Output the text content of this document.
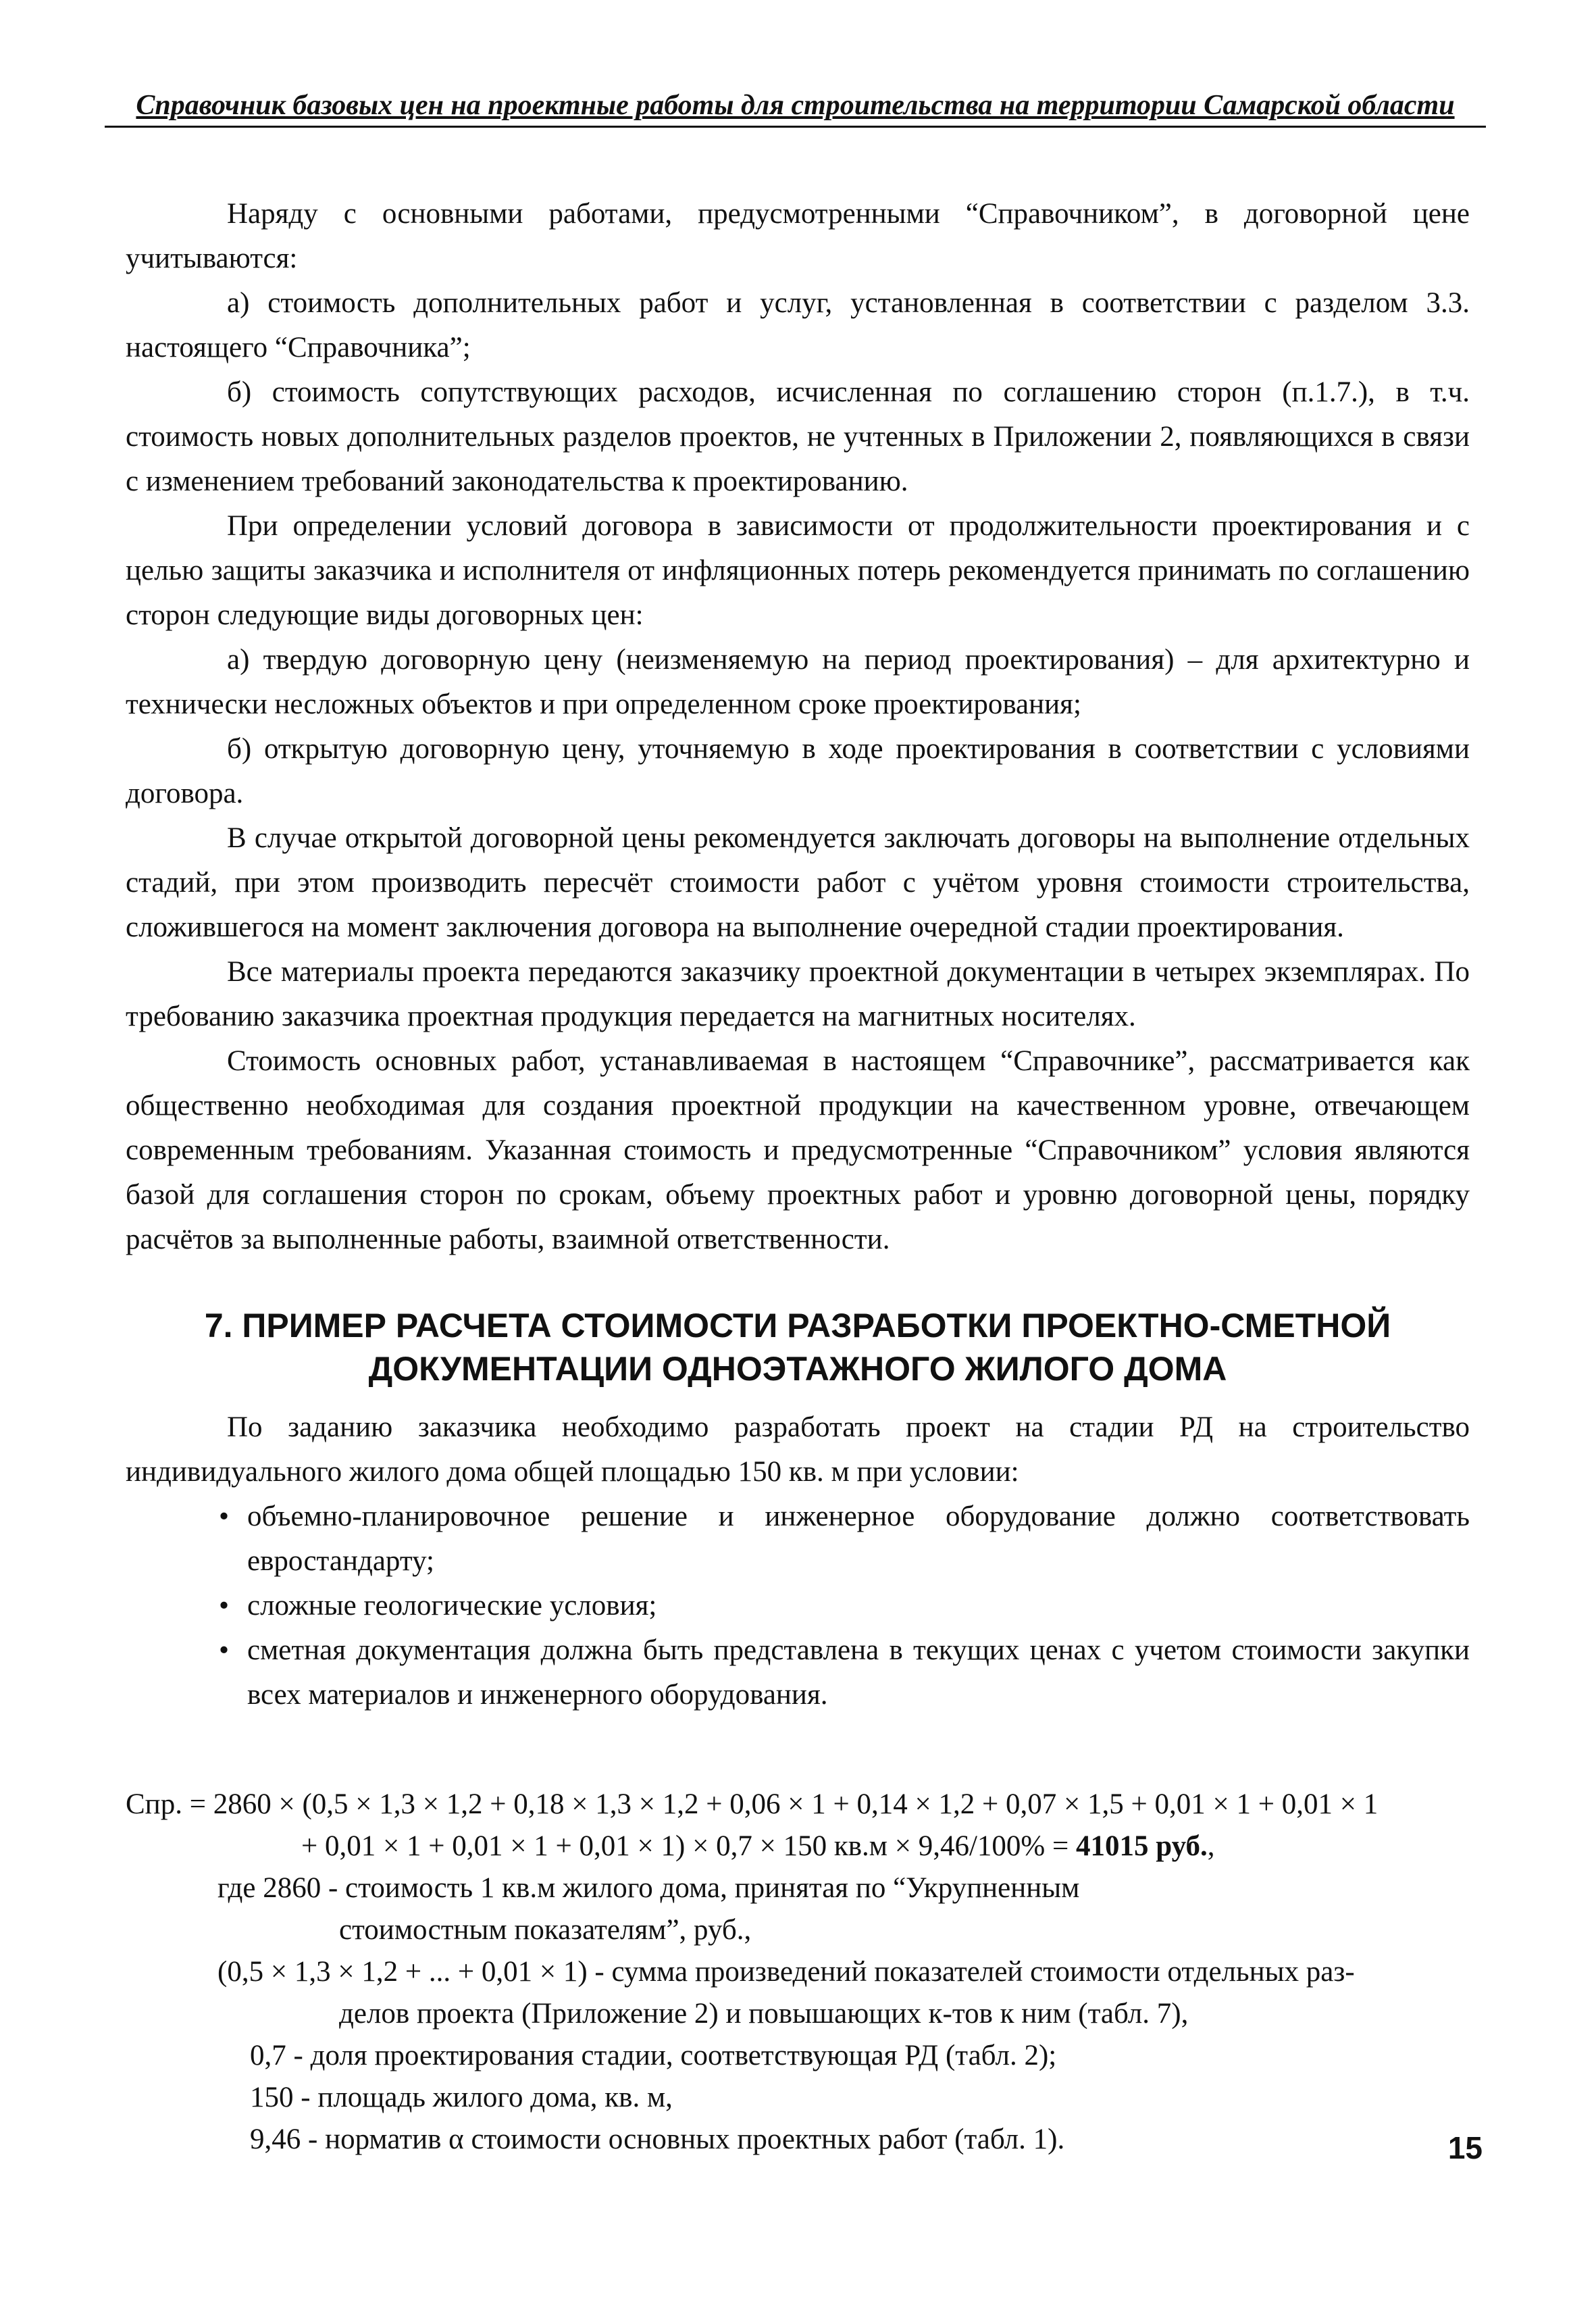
Справочник базовых цен на проектные работы для строительства на территории Самарской области

Наряду с основными работами, предусмотренными “Справочником”, в договорной цене учитываются:

а) стоимость дополнительных работ и услуг, установленная в соответствии с разделом 3.3. настоящего “Справочника”;

б) стоимость сопутствующих расходов, исчисленная по соглашению сторон (п.1.7.), в т.ч. стоимость новых дополнительных разделов проектов, не учтенных в Приложении 2, появляющихся в связи с изменением требований законодательства к проектированию.

При определении условий договора в зависимости от продолжительности проектирования и с целью защиты заказчика и исполнителя от инфляционных потерь рекомендуется принимать по соглашению сторон следующие виды договорных цен:

а) твердую договорную цену (неизменяемую на период проектирования) – для архитектурно и технически несложных объектов и при определенном сроке проектирования;

б) открытую договорную цену, уточняемую в ходе проектирования в соответствии с условиями договора.

В случае открытой договорной цены рекомендуется заключать договоры на выполнение отдельных стадий, при этом производить пересчёт стоимости работ с учётом уровня стоимости строительства, сложившегося на момент заключения договора на выполнение очередной стадии проектирования.

Все материалы проекта передаются заказчику проектной документации в четырех экземплярах. По требованию заказчика проектная продукция передается на магнитных носителях.

Стоимость основных работ, устанавливаемая в настоящем “Справочнике”, рассматривается как общественно необходимая для создания проектной продукции на качественном уровне, отвечающем современным требованиям. Указанная стоимость и предусмотренные “Справочником” условия являются базой для соглашения сторон по срокам, объему проектных работ и уровню договорной цены, порядку расчётов за выполненные работы, взаимной ответственности.

7. ПРИМЕР РАСЧЕТА СТОИМОСТИ РАЗРАБОТКИ ПРОЕКТНО-СМЕТНОЙ
ДОКУМЕНТАЦИИ ОДНОЭТАЖНОГО ЖИЛОГО ДОМА

По заданию заказчика необходимо разработать проект на стадии РД на строительство индивидуального жилого дома общей площадью 150 кв. м при условии:

• объемно-планировочное решение и инженерное оборудование должно соответствовать евростандарту;
• сложные геологические условия;
• сметная документация должна быть представлена в текущих ценах с учетом стоимости закупки всех материалов и инженерного оборудования.

Спр. = 2860 × (0,5 × 1,3 × 1,2 + 0,18 × 1,3 × 1,2 + 0,06 × 1 + 0,14 × 1,2 + 0,07 × 1,5 + 0,01 × 1 + 0,01 × 1

+ 0,01 × 1 + 0,01 × 1 + 0,01 × 1) × 0,7 × 150 кв.м × 9,46/100% = 41015 руб.,

где 2860 - стоимость 1 кв.м жилого дома, принятая по “Укрупненным

стоимостным показателям”, руб.,

(0,5 × 1,3 × 1,2 + ... + 0,01 × 1) - сумма произведений показателей стоимости отдельных раз-

делов проекта (Приложение 2) и повышающих к-тов к ним (табл. 7),

0,7 - доля проектирования стадии, соответствующая РД (табл. 2);

150 - площадь жилого дома, кв. м,

9,46 - норматив α стоимости основных проектных работ (табл. 1).	15
